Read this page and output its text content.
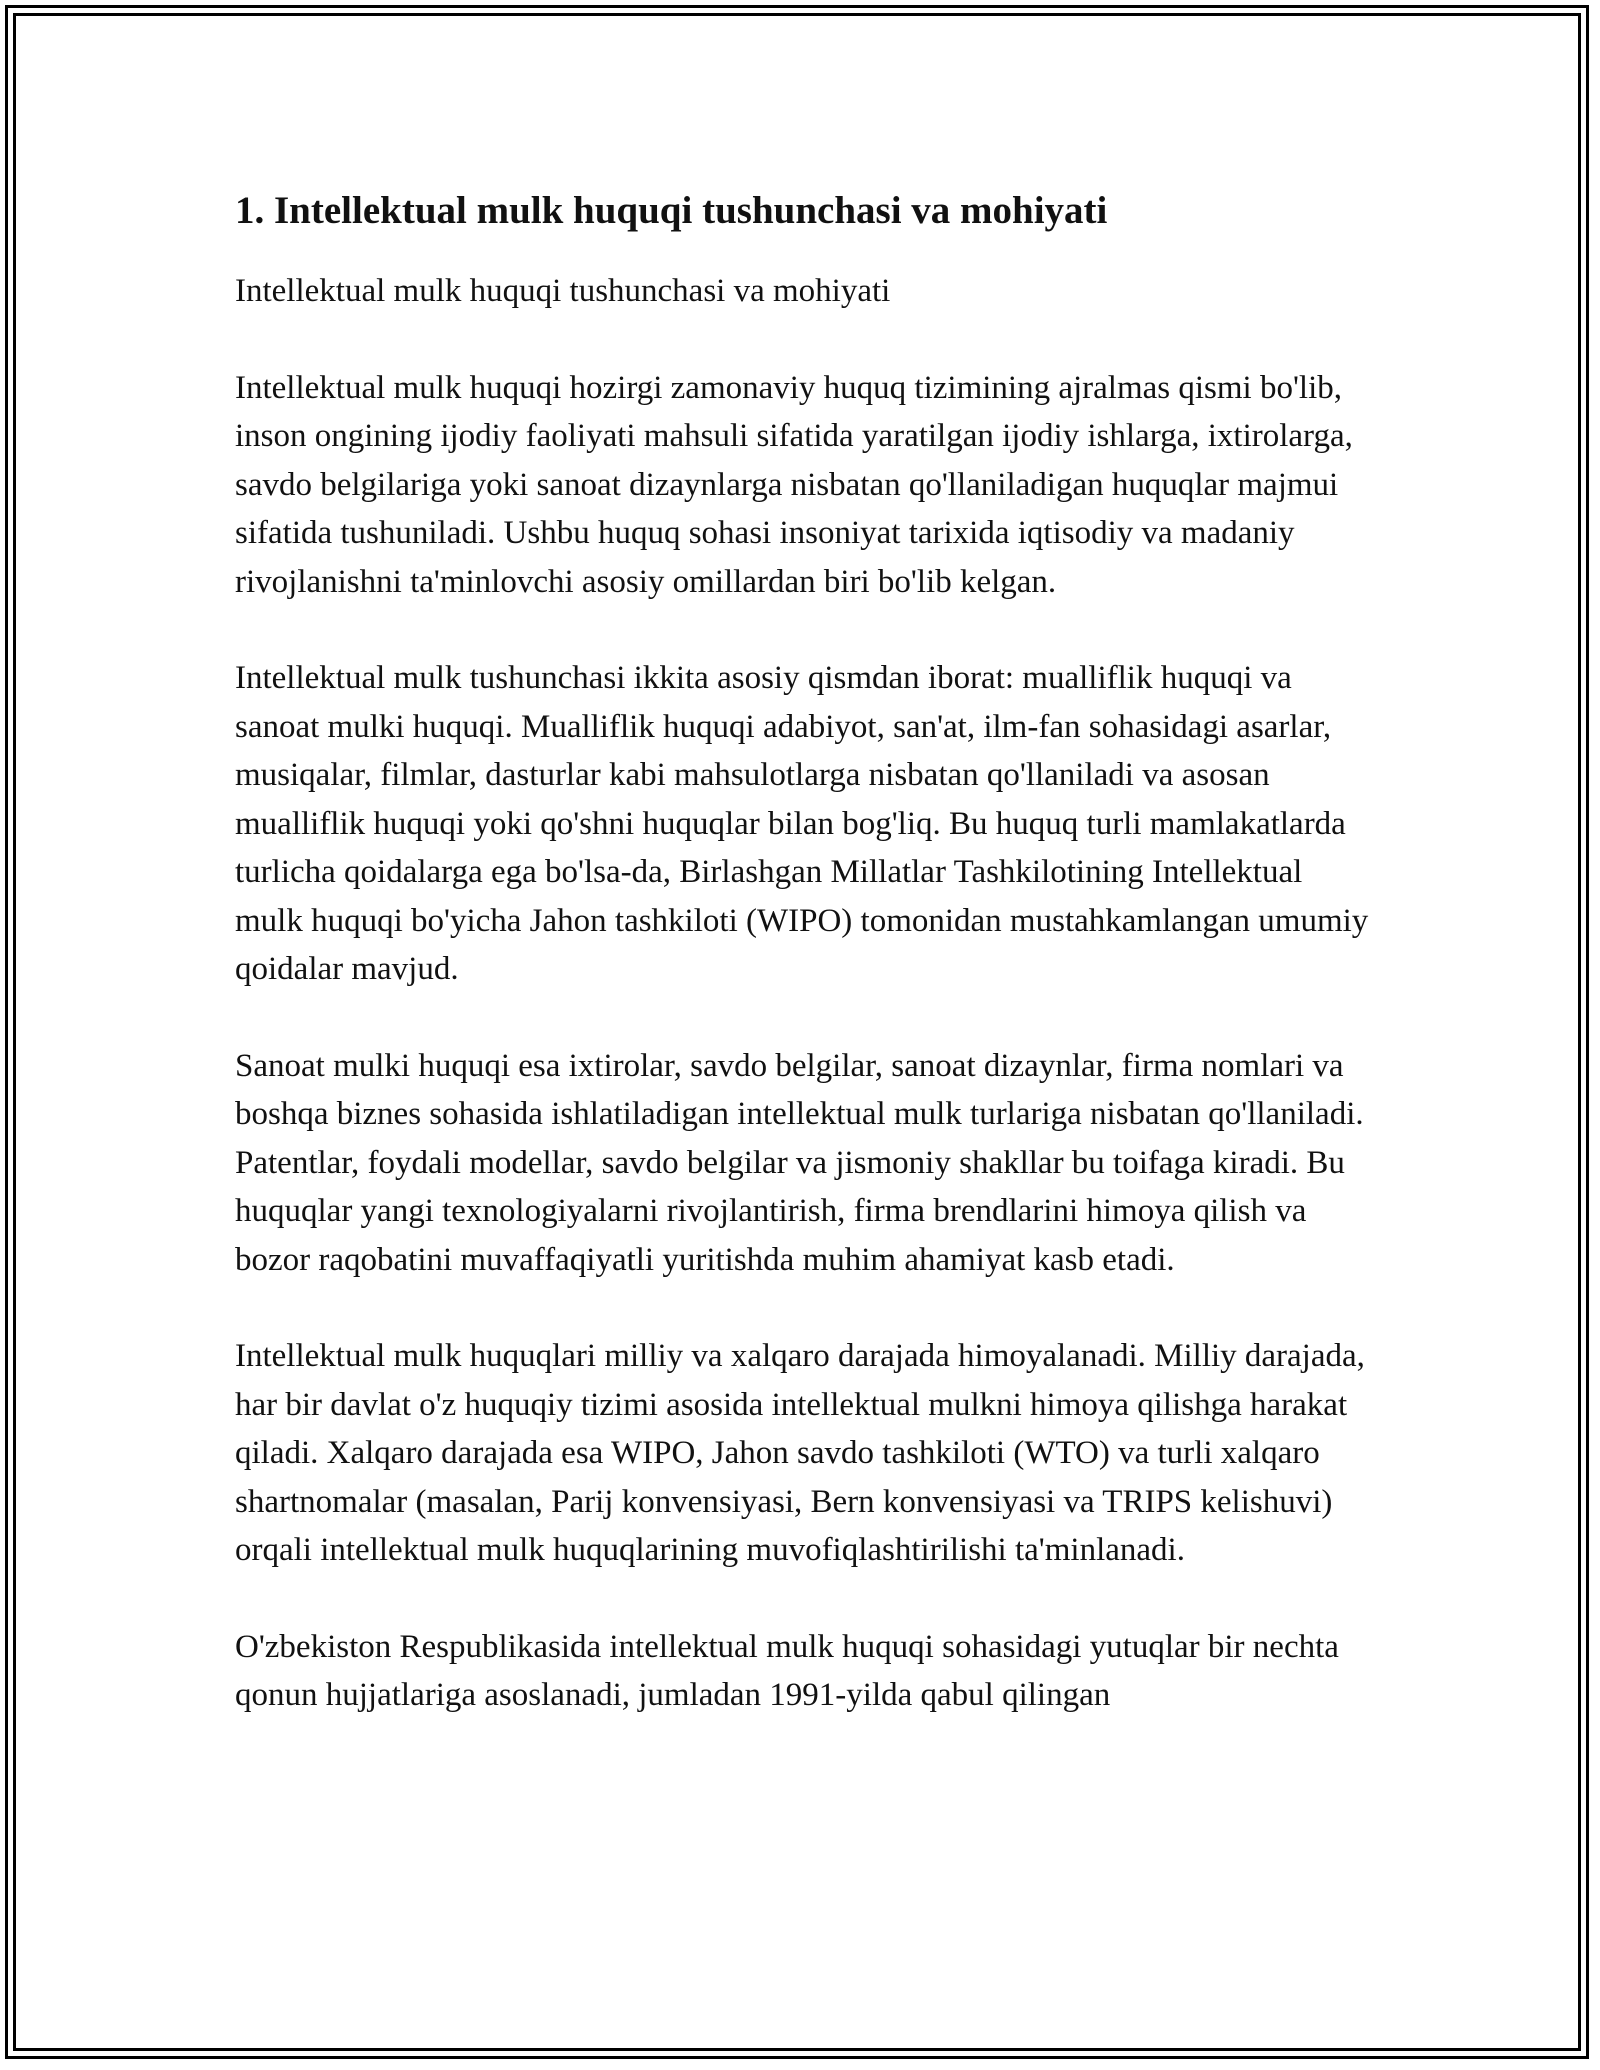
1. Intellektual mulk huquqi tushunchasi va mohiyati

Intellektual mulk huquqi tushunchasi va mohiyati

Intellektual mulk huquqi hozirgi zamonaviy huquq tizimining ajralmas qismi bo'lib, inson ongining ijodiy faoliyati mahsuli sifatida yaratilgan ijodiy ishlarga, ixtirolarga, savdo belgilariga yoki sanoat dizaynlarga nisbatan qo'llaniladigan huquqlar majmui sifatida tushuniladi. Ushbu huquq sohasi insoniyat tarixida iqtisodiy va madaniy rivojlanishni ta'minlovchi asosiy omillardan biri bo'lib kelgan.

Intellektual mulk tushunchasi ikkita asosiy qismdan iborat: mualliflik huquqi va sanoat mulki huquqi. Mualliflik huquqi adabiyot, san'at, ilm-fan sohasidagi asarlar, musiqalar, filmlar, dasturlar kabi mahsulotlarga nisbatan qo'llaniladi va asosan mualliflik huquqi yoki qo'shni huquqlar bilan bog'liq. Bu huquq turli mamlakatlarda turlicha qoidalarga ega bo'lsa-da, Birlashgan Millatlar Tashkilotining Intellektual mulk huquqi bo'yicha Jahon tashkiloti (WIPO) tomonidan mustahkamlangan umumiy qoidalar mavjud.

Sanoat mulki huquqi esa ixtirolar, savdo belgilar, sanoat dizaynlar, firma nomlari va boshqa biznes sohasida ishlatiladigan intellektual mulk turlariga nisbatan qo'llaniladi. Patentlar, foydali modellar, savdo belgilar va jismoniy shakllar bu toifaga kiradi. Bu huquqlar yangi texnologiyalarni rivojlantirish, firma brendlarini himoya qilish va bozor raqobatini muvaffaqiyatli yuritishda muhim ahamiyat kasb etadi.

Intellektual mulk huquqlari milliy va xalqaro darajada himoyalanadi. Milliy darajada, har bir davlat o'z huquqiy tizimi asosida intellektual mulkni himoya qilishga harakat qiladi. Xalqaro darajada esa WIPO, Jahon savdo tashkiloti (WTO) va turli xalqaro shartnomalar (masalan, Parij konvensiyasi, Bern konvensiyasi va TRIPS kelishuvi) orqali intellektual mulk huquqlarining muvofiqlashtirilishi ta'minlanadi.

O'zbekiston Respublikasida intellektual mulk huquqi sohasidagi yutuqlar bir nechta qonun hujjatlariga asoslanadi, jumladan 1991-yilda qabul qilingan
